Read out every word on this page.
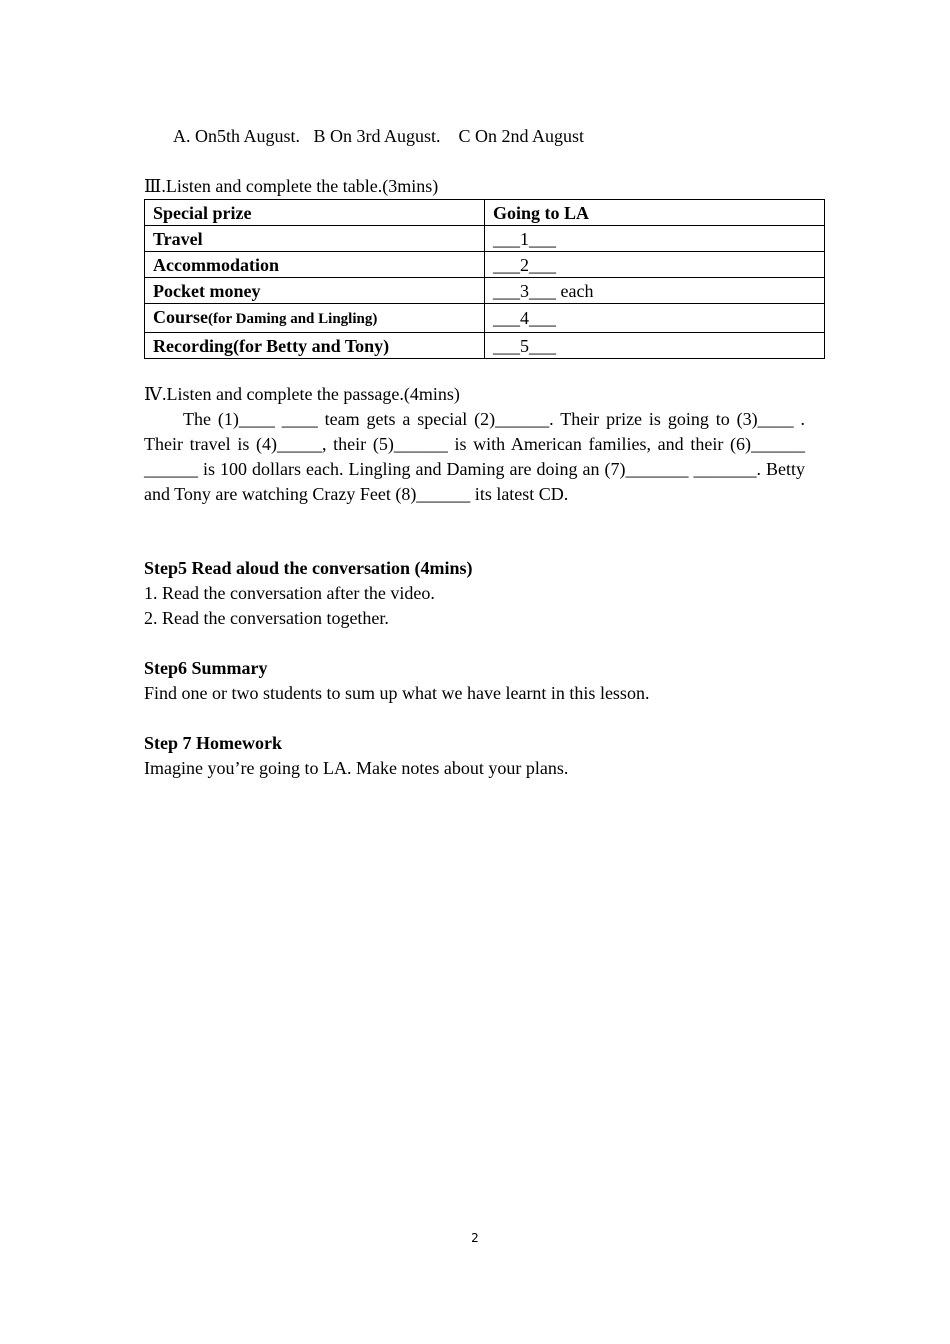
A. On5th August.   B On 3rd August.    C On 2nd August
Ⅲ.Listen and complete the table.(3mins)
Special prize	Going to LA
Travel	___1___
Accommodation	___2___
Pocket money	___3___ each
Course(for Daming and Lingling)	___4___
Recording(for Betty and Tony)	___5___
Ⅳ.Listen and complete the passage.(4mins)
The (1)____ ____ team gets a special (2)______. Their prize is going to (3)____ . Their travel is (4)_____, their (5)______ is with American families, and their (6)______ ______ is 100 dollars each. Lingling and Daming are doing an (7)_______ _______. Betty and Tony are watching Crazy Feet (8)______ its latest CD.
Step5 Read aloud the conversation (4mins)
1. Read the conversation after the video.
2. Read the conversation together.
Step6 Summary
Find one or two students to sum up what we have learnt in this lesson.
Step 7 Homework
Imagine you’re going to LA. Make notes about your plans.
2
